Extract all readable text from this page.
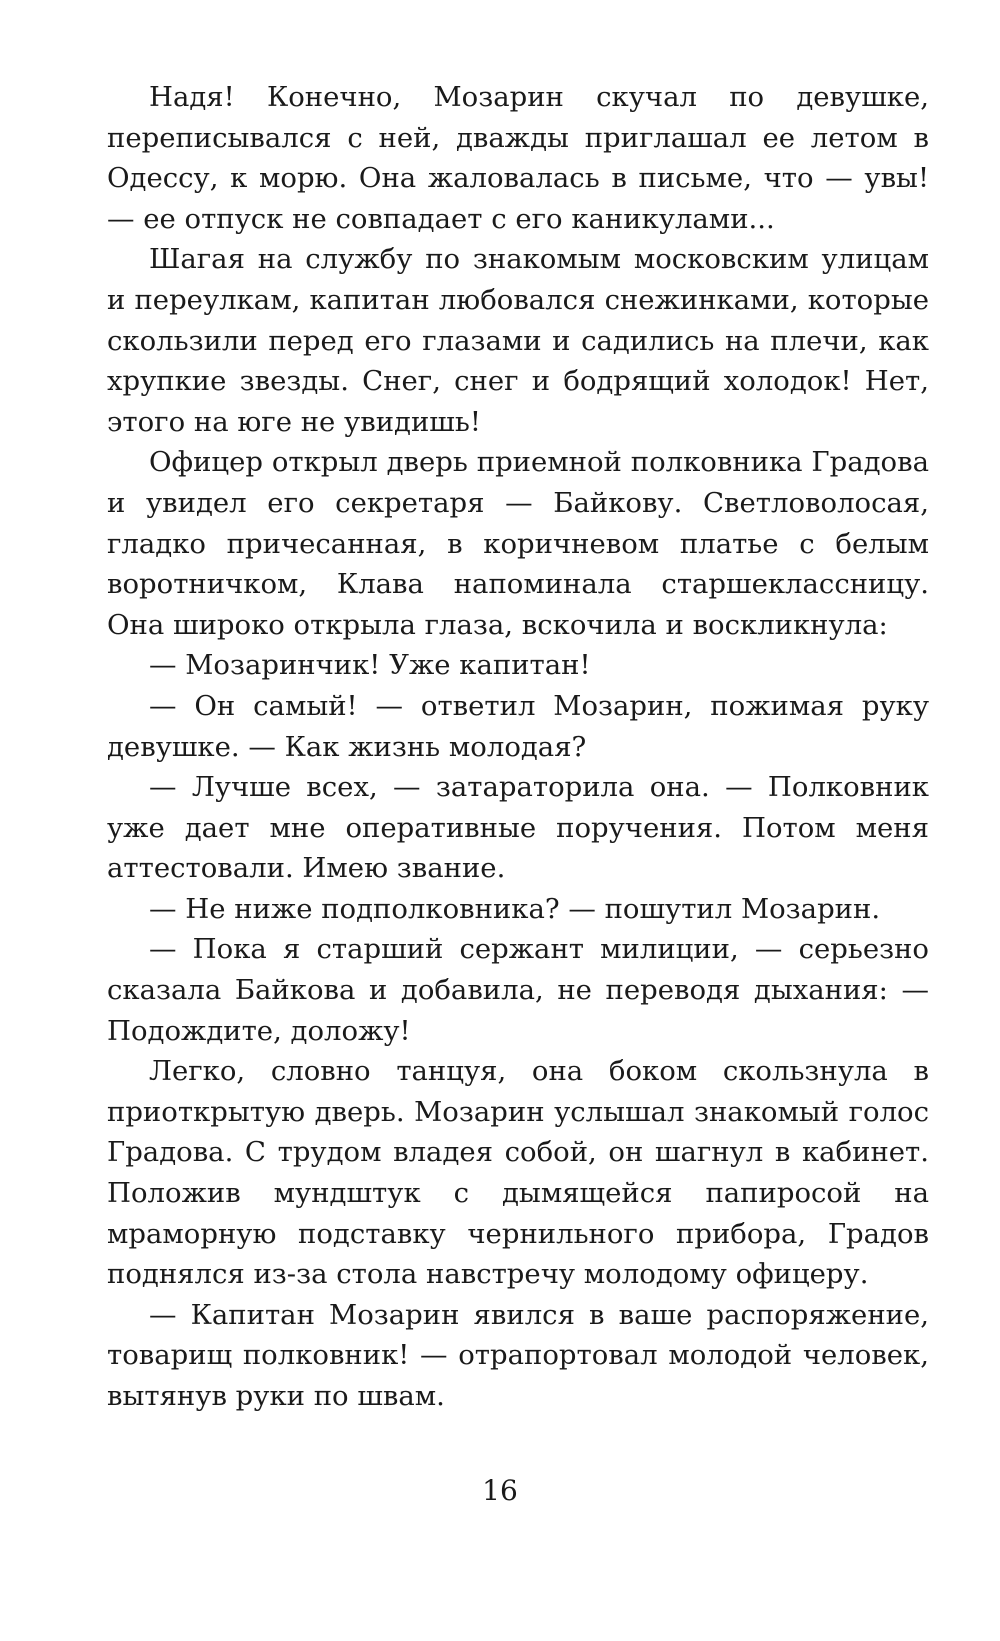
Надя! Конечно, Мозарин скучал по девушке, переписывался с ней, дважды приглашал ее летом в Одессу, к морю. Она жаловалась в письме, что — увы! — ее отпуск не совпадает с его каникулами...

Шагая на службу по знакомым московским улицам и переулкам, капитан любовался снежинками, которые скользили перед его глазами и садились на плечи, как хрупкие звезды. Снег, снег и бодрящий холодок! Нет, этого на юге не увидишь!

Офицер открыл дверь приемной полковника Градова и увидел его секретаря — Байкову. Светловолосая, гладко причесанная, в коричневом платье с белым воротничком, Клава напоминала старшеклассницу. Она широко открыла глаза, вскочила и воскликнула:

— Мозаринчик! Уже капитан!

— Он самый! — ответил Мозарин, пожимая руку девушке. — Как жизнь молодая?

— Лучше всех, — затараторила она. — Полковник уже дает мне оперативные поручения. Потом меня аттестовали. Имею звание.

— Не ниже подполковника? — пошутил Мозарин.

— Пока я старший сержант милиции, — серьезно сказала Байкова и добавила, не переводя дыхания: — Подождите, доложу!

Легко, словно танцуя, она боком скользнула в приоткрытую дверь. Мозарин услышал знакомый голос Градова. С трудом владея собой, он шагнул в кабинет. Положив мундштук с дымящейся папиросой на мраморную подставку чернильного прибора, Градов поднялся из-за стола навстречу молодому офицеру.

— Капитан Мозарин явился в ваше распоряжение, товарищ полковник! — отрапортовал молодой человек, вытянув руки по швам.

16
